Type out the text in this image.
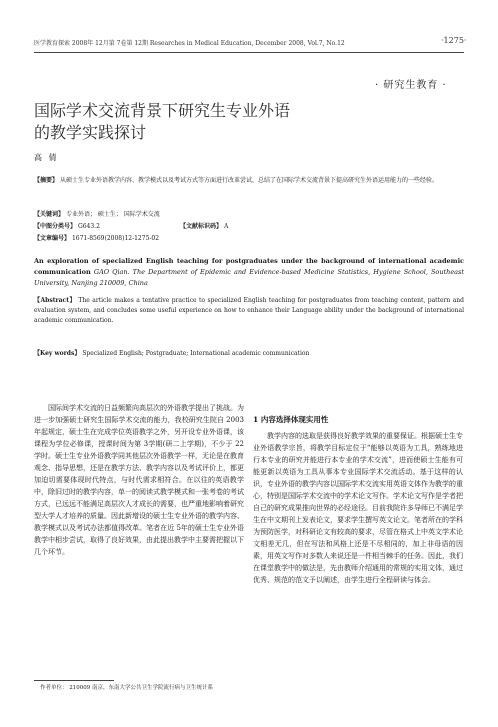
医学教育探索 2008年 12月第 7卷第 12期 Researches in Medical Education, December 2008, Vol.7, No.12	·1275·
· 研究生教育 ·
国际学术交流背景下研究生专业外语
的教学实践探讨
高 倩
【摘要】 从硕士生专业外语教学内容、教学模式以及考试方式等方面进行改革尝试，总结了在国际学术交流背景下提高研究生外语运用能力的一些经验。
【关键词】 专业外语； 硕士生； 国际学术交流
【中图分类号】 G643.2	【文献标识码】 A
【文章编号】 1671-8569(2008)12-1275-02
An exploration of specialized English teaching for postgraduates under the background of international academic communication GAO Qian. The Department of Epidemic and Evidence-based Medicine Statistics, Hygiene School, Southeast University, Nanjing 210009, China
【Abstract】 The article makes a tentative practice to specialized English teaching for postgraduates from teaching content, pattern and evaluation system, and concludes some useful experience on how to enhance their Language ability under the background of international academic communication.
【Key words】 Specialized English; Postgraduate; International academic communication
国际间学术交流的日益频繁向高层次的外语教学提出了挑战。为进一步加强硕士研究生国际学术交流的能力，我校研究生院自 2003年起规定，硕士生在完成学位英语教学之外，另开设专业外语课，该课程为学位必修课，授课时间为第 3学期(研二上学期)，不少于 22学时。硕士生专业外语教学同其他层次外语教学一样，无论是在教育观念、指导思想，还是在教学方法、教学内容以及考试评价上，都更加迫切需要体现时代特点，与时代需求相符合。在以往的英语教学中，除旧过时的教学内容，单一的阅读式教学模式和一张考卷的考试方式，已远远不能满足高层次人才成长的需要，也严重地影响着研究型大学人才培养的质量。因此新增设的硕士生专业外语的教学内容、教学模式以及考试办法都值得改革。笔者在近 5年的硕士生专业外语教学中相步尝试，取得了良好效果，由此提出教学中主要需把握以下几个环节。
1 内容选择体现实用性
教学内容的选取是获得良好教学效果的重要保证。根据硕士生专业外语教学宗旨，将教学目标定位于“能够以英语为工具，熟练地进行本专业的研究并能进行本专业的学术交流”，进而使硕士生能有可能更新以英语为工具从事本专业国际学术交流活动。基于这样的认识，专业外语的教学内容以国际学术交流实用英语文体作为教学的重心，特别是国际学术交流中的学术论文写作。学术论文写作是学者把自己的研究成果推向世界的必经途径。目前我院许多导师已不满足学生在中文期刊上发表论文，要求学生撰写英文论文。笔者所在的学科为预防医学，对科研论文有较高的要求，尽管在格式上中英文学术论文相差无几，但在写法和风格上还是不尽相同的，加上非母语的因素，用英文写作对多数人来说还是一件相当棘手的任务。因此，我们在课堂教学中的做法是，先由教师介绍通用的常规的实用文体，通过优秀、规范的范文予以阐述，由学生进行全程研读与体会。
作者单位： 210009 南京，东南大学公共卫生学院流行病与卫生统计系
